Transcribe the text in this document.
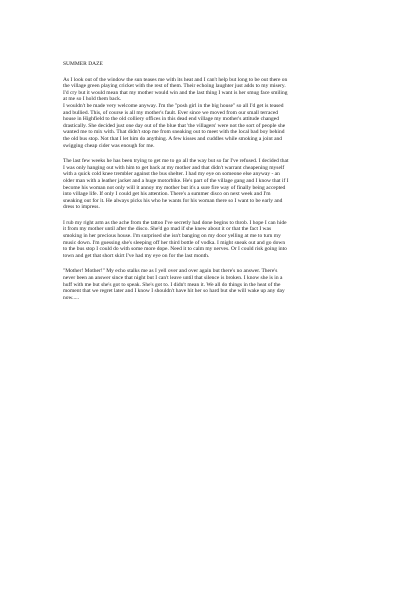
SUMMER DAZE

As I look out of the window the sun teases me with its heat and I can't help but long to be out there on
the village green playing cricket with the rest of them. Their echoing laughter just adds to my misery.
I'd cry but it would mean that my mother would win and the last thing I want is her smug face smiling
at me so I hold them back.
I wouldn't be made very welcome anyway. I'm the "posh girl in the big house" so all I'd get is teased
and bullied. This, of course is all my mother's fault. Ever since we moved from our small terraced
house in Highfield to the old colliery offices in this dead end village my mother's attitude changed
drastically. She decided just one day out of the blue that 'the villagers' were not the sort of people she
wanted me to mix with. That didn't stop me from sneaking out to meet with the local bad boy behind
the old bus stop. Not that I let him do anything. A few kisses and cuddles while smoking a joint and
swigging cheap cider was enough for me.

The last few weeks he has been trying to get me to go all the way but so far I've refused. I decided that
I was only hanging out with him to get back at my mother and that didn't warrant cheapening myself
with a quick cold knee trembler against the bus shelter. I had my eye on someone else anyway - an
older man with a leather jacket and a huge motorbike. He's part of the village gang and I know that if I
become his woman not only will it annoy my mother but it's a sure fire way of finally being accepted
into village life. If only I could get his attention. There's a summer disco on next week and I'm
sneaking out for it. He always picks his who he wants for his woman there so I want to be early and
dress to impress.

I rub my right arm as the ache from the tattoo I've secretly had done begins to throb. I hope I can hide
it from my mother until after the disco. She'd go mad if she knew about it or that the fact I was
smoking in her precious house. I'm surprised she isn't banging on my door yelling at me to turn my
music down. I'm guessing she's sleeping off her third bottle of vodka. I might sneak out and go down
to the bus stop I could do with some more dope. Need it to calm my nerves. Or I could risk going into
town and get that short skirt I've had my eye on for the last month.

"Mother! Mother!" My echo stalks me as I yell over and over again but there's no answer. There's
never been an answer since that night but I can't leave until that silence is broken. I know she is in a
huff with me but she's got to speak. She's got to. I didn't mean it. We all do things in the heat of the
moment that we regret later and I know I shouldn't have hit her so hard but she will wake up any day
now.....
